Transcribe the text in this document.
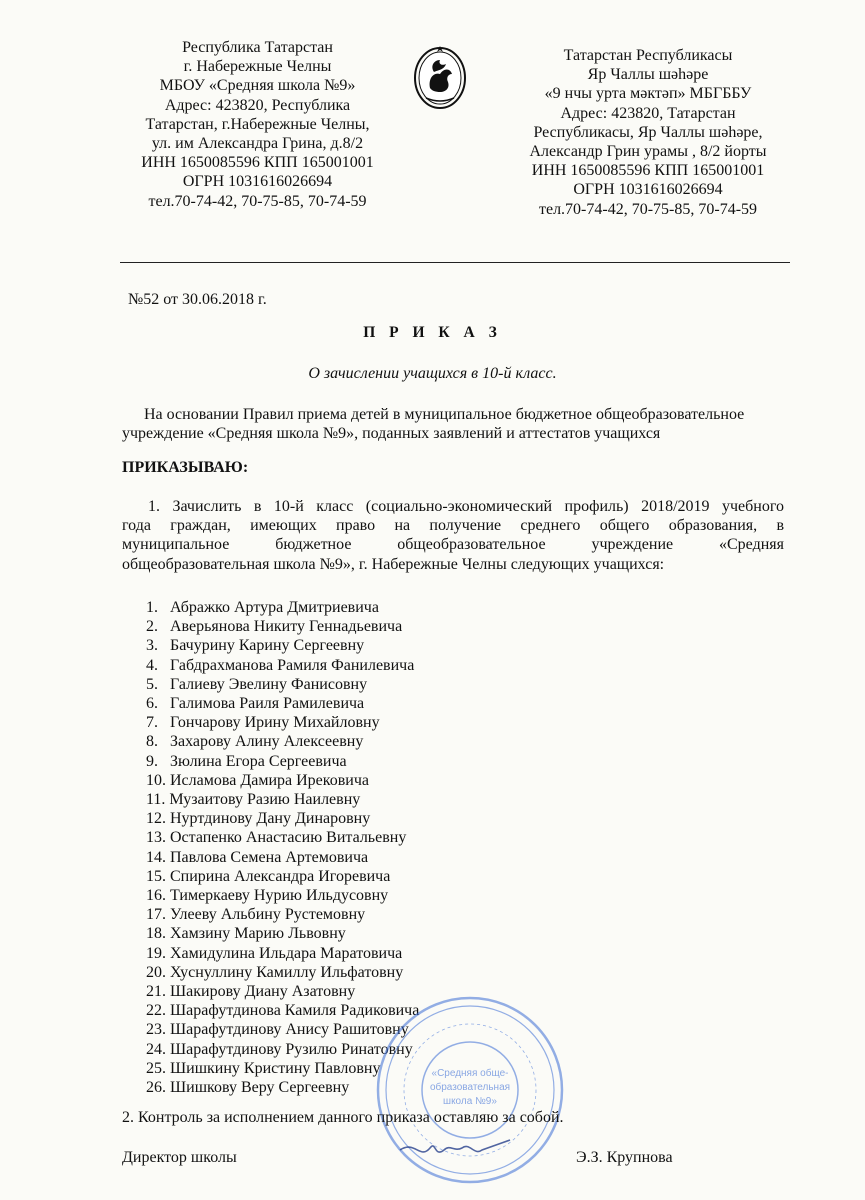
Республика Татарстан
г. Набережные Челны
МБОУ «Средняя школа №9»
Адрес: 423820, Республика
Татарстан, г.Набережные Челны,
ул. им Александра Грина, д.8/2
ИНН 1650085596 КПП 165001001
ОГРН 1031616026694
тел.70-74-42, 70-75-85, 70-74-59
Татарстан Республикасы
Яр Чаллы шәһәре
«9 нчы урта мәктәп» МБГББУ
Адрес: 423820, Татарстан
Республикасы, Яр Чаллы шәһәре,
Александр Грин урамы , 8/2 йорты
ИНН 1650085596 КПП 165001001
ОГРН 1031616026694
тел.70-74-42, 70-75-85, 70-74-59
№52 от 30.06.2018 г.
П Р И К А З
О зачислении учащихся в 10-й класс.
На основании Правил приема детей в муниципальное бюджетное общеобразовательное учреждение «Средняя школа №9», поданных заявлений и аттестатов учащихся
ПРИКАЗЫВАЮ:
1. Зачислить в 10-й класс (социально-экономический профиль) 2018/2019 учебного
года граждан, имеющих право на получение среднего общего образования, в
муниципальное бюджетное общеобразовательное учреждение «Средняя
общеобразовательная школа №9», г. Набережные Челны следующих учащихся:
1. Абражко Артура Дмитриевича
2. Аверьянова Никиту Геннадьевича
3. Бачурину Карину Сергеевну
4. Габдрахманова Рамиля Фанилевича
5. Галиеву Эвелину Фанисовну
6. Галимова Раиля Рамилевича
7. Гончарову Ирину Михайловну
8. Захарову Алину Алексеевну
9. Зюлина Егора Сергеевича
10. Исламова Дамира Ирековича
11. Музаитову Разию Наилевну
12. Нуртдинову Дану Динаровну
13. Остапенко Анастасию Витальевну
14. Павлова Семена Артемовича
15. Спирина Александра Игоревича
16. Тимеркаеву Нурию Ильдусовну
17. Улееву Альбину Рустемовну
18. Хамзину Марию Львовну
19. Хамидулина Ильдара Маратовича
20. Хуснуллину Камиллу Ильфатовну
21. Шакирову Диану Азатовну
22. Шарафутдинова Камиля Радиковича
23. Шарафутдинову Анису Рашитовну
24. Шарафутдинову Рузилю Ринатовну
25. Шишкину Кристину Павловну
26. Шишкову Веру Сергеевну
«Средняя обще-
образовательная
школа №9»
2. Контроль за исполнением данного приказа оставляю за собой.
Директор школы	Э.З. Крупнова
